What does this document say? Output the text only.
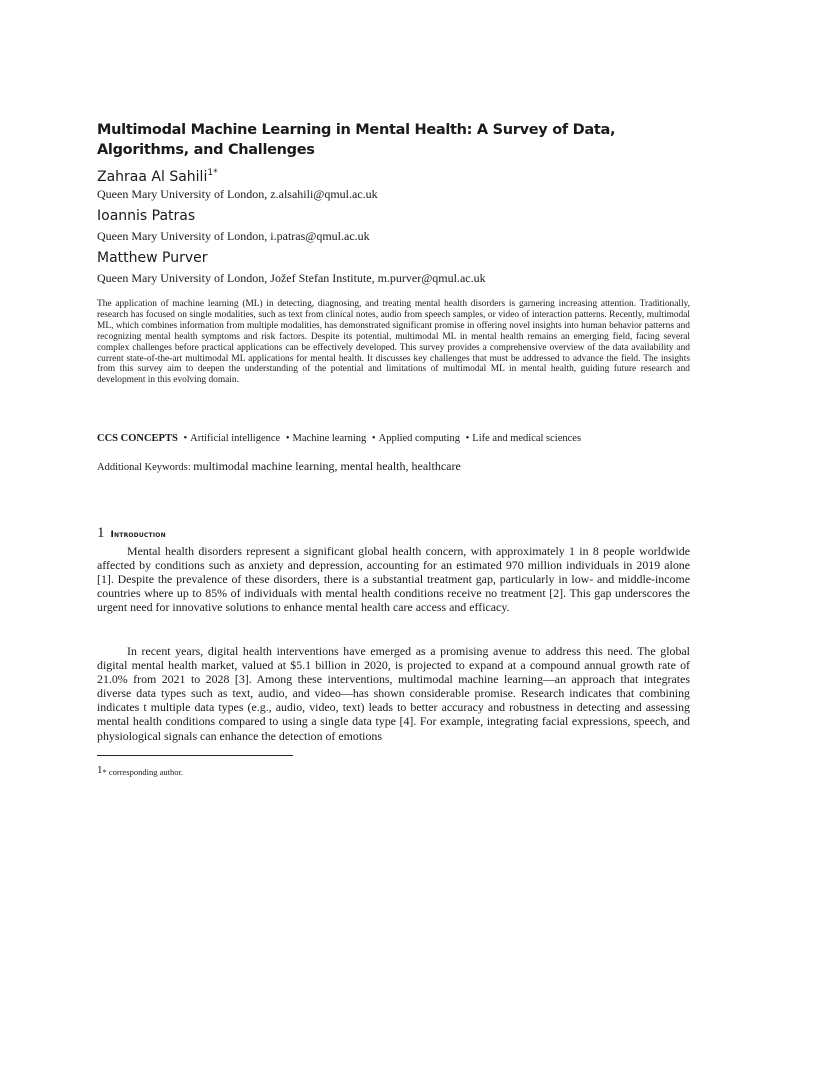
Multimodal Machine Learning in Mental Health: A Survey of Data, Algorithms, and Challenges
Zahraa Al Sahili$^{1*}$
Queen Mary University of London, z.alsahili@qmul.ac.uk
Ioannis Patras
Queen Mary University of London, i.patras@qmul.ac.uk
Matthew Purver
Queen Mary University of London, Jožef Stefan Institute, m.purver@qmul.ac.uk

The application of machine learning (ML) in detecting, diagnosing, and treating mental health disorders is garnering increasing attention. Traditionally, research has focused on single modalities, such as text from clinical notes, audio from speech samples, or video of interaction patterns. Recently, multimodal ML, which combines information from multiple modalities, has demonstrated significant promise in offering novel insights into human behavior patterns and recognizing mental health symptoms and risk factors. Despite its potential, multimodal ML in mental health remains an emerging field, facing several complex challenges before practical applications can be effectively developed. This survey provides a comprehensive overview of the data availability and current state-of-the-art multimodal ML applications for mental health. It discusses key challenges that must be addressed to advance the field. The insights from this survey aim to deepen the understanding of the potential and limitations of multimodal ML in mental health, guiding future research and development in this evolving domain.

CCS CONCEPTS • Artificial intelligence • Machine learning • Applied computing • Life and medical sciences
Additional Keywords: multimodal machine learning, mental health, healthcare
1 Introduction

Mental health disorders represent a significant global health concern, with approximately 1 in 8 people worldwide affected by conditions such as anxiety and depression, accounting for an estimated 970 million individuals in 2019 alone [1]. Despite the prevalence of these disorders, there is a substantial treatment gap, particularly in low- and middle-income countries where up to 85% of individuals with mental health conditions receive no treatment [2]. This gap underscores the urgent need for innovative solutions to enhance mental health care access and efficacy.

In recent years, digital health interventions have emerged as a promising avenue to address this need. The global digital mental health market, valued at $5.1 billion in 2020, is projected to expand at a compound annual growth rate of 21.0% from 2021 to 2028 [3]. Among these interventions, multimodal machine learning—an approach that integrates diverse data types such as text, audio, and video—has shown considerable promise. Research indicates that combining indicates t multiple data types (e.g., audio, video, text) leads to better accuracy and robustness in detecting and assessing mental health conditions compared to using a single data type [4]. For example, integrating facial expressions, speech, and physiological signals can enhance the detection of emotions

1* corresponding author.
